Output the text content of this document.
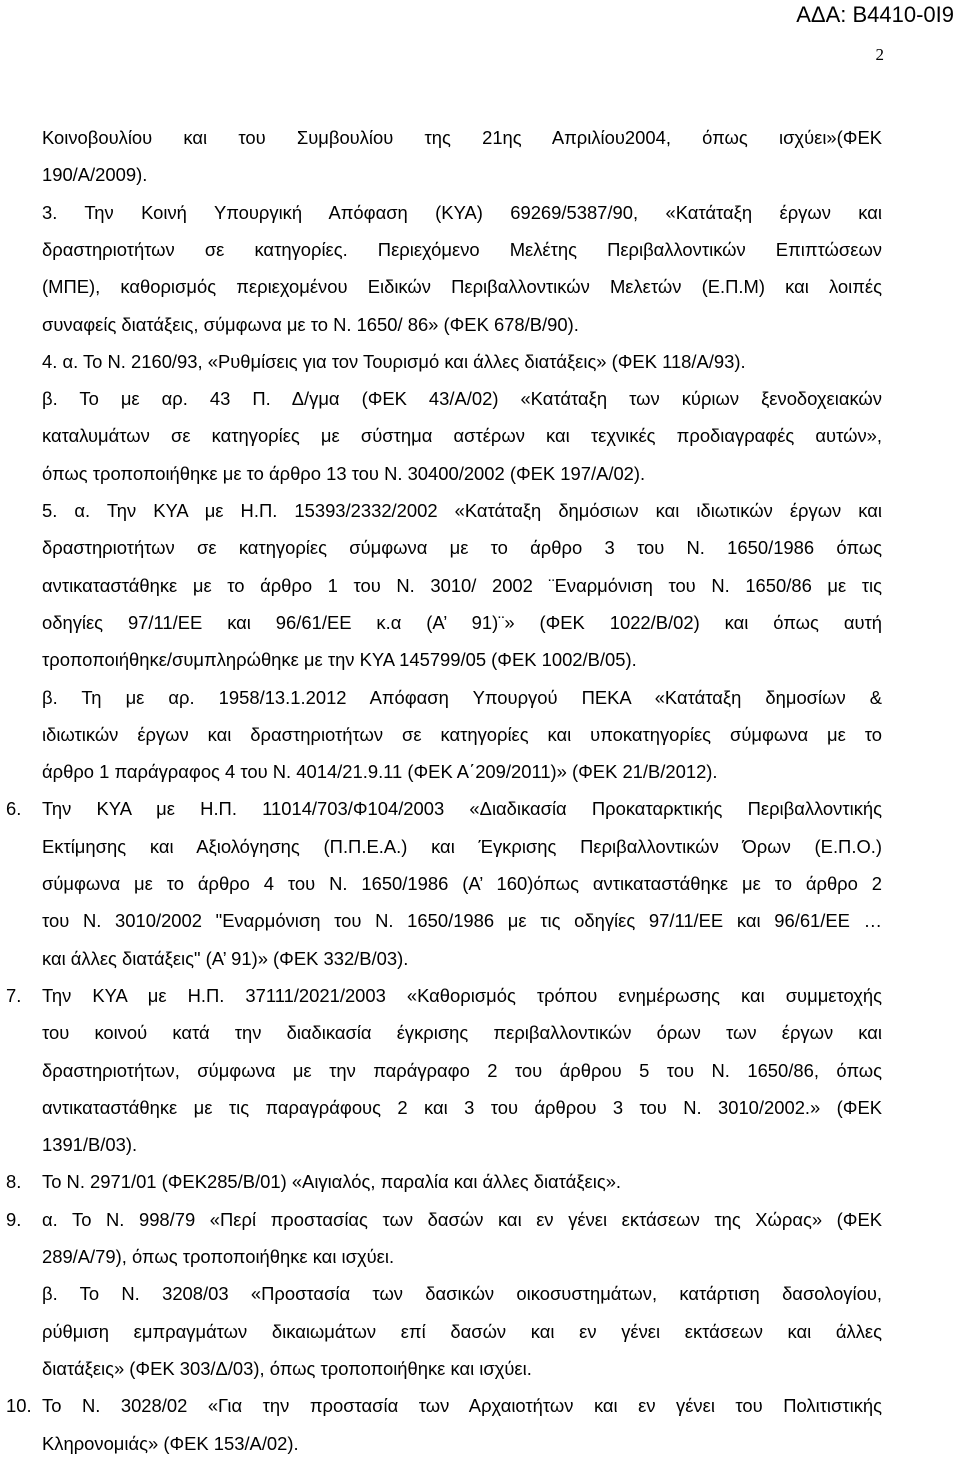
ΑΔΑ: Β4410-0Ι9
2
Κοινοβουλίου και του Συμβουλίου της 21ης Απριλίου2004, όπως ισχύει»(ΦΕΚ
190/Α/2009).
3. Την Κοινή Υπουργική Απόφαση (ΚΥΑ) 69269/5387/90, «Κατάταξη έργων και
δραστηριοτήτων σε κατηγορίες. Περιεχόμενο Μελέτης Περιβαλλοντικών Επιπτώσεων
(ΜΠΕ), καθορισμός περιεχομένου Ειδικών Περιβαλλοντικών Μελετών (Ε.Π.Μ) και λοιπές
συναφείς διατάξεις, σύμφωνα με το Ν. 1650/ 86» (ΦΕΚ 678/Β/90).
4. α. Το Ν. 2160/93, «Ρυθμίσεις για τον Τουρισμό και άλλες διατάξεις» (ΦΕΚ 118/Α/93).
β. Το με αρ. 43 Π. Δ/γμα (ΦΕΚ 43/Α/02) «Κατάταξη των κύριων ξενοδοχειακών
καταλυμάτων σε κατηγορίες με σύστημα αστέρων και τεχνικές προδιαγραφές αυτών»,
όπως τροποποιήθηκε με το άρθρο 13 του Ν. 30400/2002 (ΦΕΚ 197/Α/02).
5. α. Την ΚΥΑ με Η.Π. 15393/2332/2002 «Κατάταξη δημόσιων και ιδιωτικών έργων και
δραστηριοτήτων σε κατηγορίες σύμφωνα με το άρθρο 3 του Ν. 1650/1986 όπως
αντικαταστάθηκε με το άρθρο 1 του Ν. 3010/ 2002 ¨Εναρμόνιση του Ν. 1650/86 με τις
οδηγίες 97/11/ΕΕ και 96/61/ΕΕ κ.α (Α’ 91)¨» (ΦΕΚ 1022/Β/02) και όπως αυτή
τροποποιήθηκε/συμπληρώθηκε με την ΚΥΑ 145799/05 (ΦΕΚ 1002/Β/05).
β. Τη με αρ. 1958/13.1.2012 Απόφαση Υπουργού ΠΕΚΑ «Κατάταξη δημοσίων &
ιδιωτικών έργων και δραστηριοτήτων σε κατηγορίες και υποκατηγορίες σύμφωνα με το
άρθρο 1 παράγραφος 4 του Ν. 4014/21.9.11 (ΦΕΚ Α΄209/2011)» (ΦΕΚ 21/Β/2012).
6. Την ΚΥΑ με Η.Π. 11014/703/Φ104/2003 «Διαδικασία Προκαταρκτικής Περιβαλλοντικής
Εκτίμησης και Αξιολόγησης (Π.Π.Ε.Α.) και Έγκρισης Περιβαλλοντικών Όρων (Ε.Π.Ο.)
σύμφωνα με το άρθρο 4 του Ν. 1650/1986 (Α’ 160)όπως αντικαταστάθηκε με το άρθρο 2
του Ν. 3010/2002 "Εναρμόνιση του Ν. 1650/1986 με τις οδηγίες 97/11/ΕΕ και 96/61/ΕΕ …
και άλλες διατάξεις" (Α’ 91)» (ΦΕΚ 332/Β/03).
7. Την ΚΥΑ με Η.Π. 37111/2021/2003 «Καθορισμός τρόπου ενημέρωσης και συμμετοχής
του κοινού κατά την διαδικασία έγκρισης περιβαλλοντικών όρων των έργων και
δραστηριοτήτων, σύμφωνα με την παράγραφο 2 του άρθρου 5 του Ν. 1650/86, όπως
αντικαταστάθηκε με τις παραγράφους 2 και 3 του άρθρου 3 του Ν. 3010/2002.» (ΦΕΚ
1391/Β/03).
8. Το Ν. 2971/01 (ΦΕΚ285/Β/01) «Αιγιαλός, παραλία και άλλες διατάξεις».
9. α. Το Ν. 998/79 «Περί προστασίας των δασών και εν γένει εκτάσεων της Χώρας» (ΦΕΚ
289/Α/79), όπως τροποποιήθηκε και ισχύει.
β. Το Ν. 3208/03 «Προστασία των δασικών οικοσυστημάτων, κατάρτιση δασολογίου,
ρύθμιση εμπραγμάτων δικαιωμάτων επί δασών και εν γένει εκτάσεων και άλλες
διατάξεις» (ΦΕΚ 303/Δ/03), όπως τροποποιήθηκε και ισχύει.
10. Το Ν. 3028/02 «Για την προστασία των Αρχαιοτήτων και εν γένει του Πολιτιστικής
Κληρονομιάς» (ΦΕΚ 153/Α/02).
